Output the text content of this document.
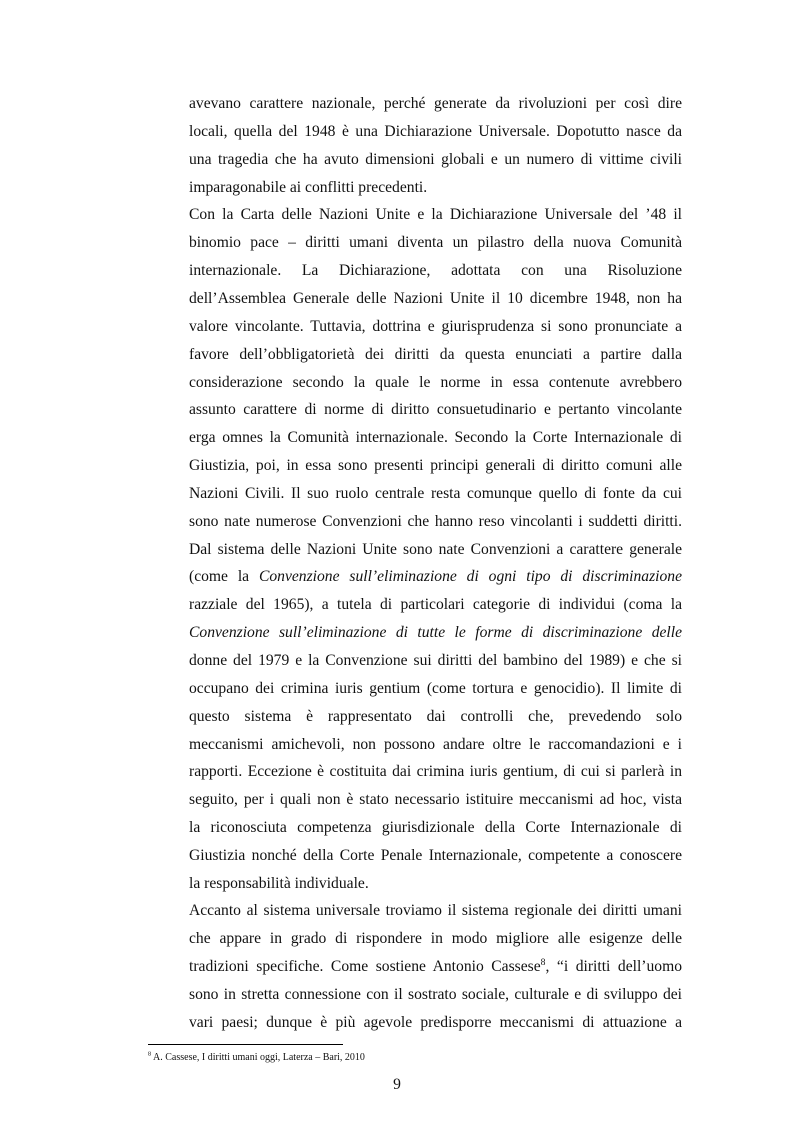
avevano carattere nazionale, perché generate da rivoluzioni per così dire
locali, quella del 1948 è una Dichiarazione Universale. Dopotutto nasce da
una tragedia che ha avuto dimensioni globali e un numero di vittime civili
imparagonabile ai conflitti precedenti.
Con la Carta delle Nazioni Unite e la Dichiarazione Universale del ’48 il
binomio pace – diritti umani diventa un pilastro della nuova Comunità
internazionale. La Dichiarazione, adottata con una Risoluzione
dell’Assemblea Generale delle Nazioni Unite il 10 dicembre 1948, non ha
valore vincolante. Tuttavia, dottrina e giurisprudenza si sono pronunciate a
favore dell’obbligatorietà dei diritti da questa enunciati a partire dalla
considerazione secondo la quale le norme in essa contenute avrebbero
assunto carattere di norme di diritto consuetudinario e pertanto vincolante
erga omnes la Comunità internazionale. Secondo la Corte Internazionale di
Giustizia, poi, in essa sono presenti principi generali di diritto comuni alle
Nazioni Civili. Il suo ruolo centrale resta comunque quello di fonte da cui
sono nate numerose Convenzioni che hanno reso vincolanti i suddetti diritti.
Dal sistema delle Nazioni Unite sono nate Convenzioni a carattere generale
(come la Convenzione sull’eliminazione di ogni tipo di discriminazione
razziale del 1965), a tutela di particolari categorie di individui (coma la
Convenzione sull’eliminazione di tutte le forme di discriminazione delle
donne del 1979 e la Convenzione sui diritti del bambino del 1989) e che si
occupano dei crimina iuris gentium (come tortura e genocidio). Il limite di
questo sistema è rappresentato dai controlli che, prevedendo solo
meccanismi amichevoli, non possono andare oltre le raccomandazioni e i
rapporti. Eccezione è costituita dai crimina iuris gentium, di cui si parlerà in
seguito, per i quali non è stato necessario istituire meccanismi ad hoc, vista
la riconosciuta competenza giurisdizionale della Corte Internazionale di
Giustizia nonché della Corte Penale Internazionale, competente a conoscere
la responsabilità individuale.
Accanto al sistema universale troviamo il sistema regionale dei diritti umani
che appare in grado di rispondere in modo migliore alle esigenze delle
tradizioni specifiche. Come sostiene Antonio Cassese$^8$, “i diritti dell’uomo
sono in stretta connessione con il sostrato sociale, culturale e di sviluppo dei
vari paesi; dunque è più agevole predisporre meccanismi di attuazione a
$^8$ A. Cassese, I diritti umani oggi, Laterza – Bari, 2010
9
